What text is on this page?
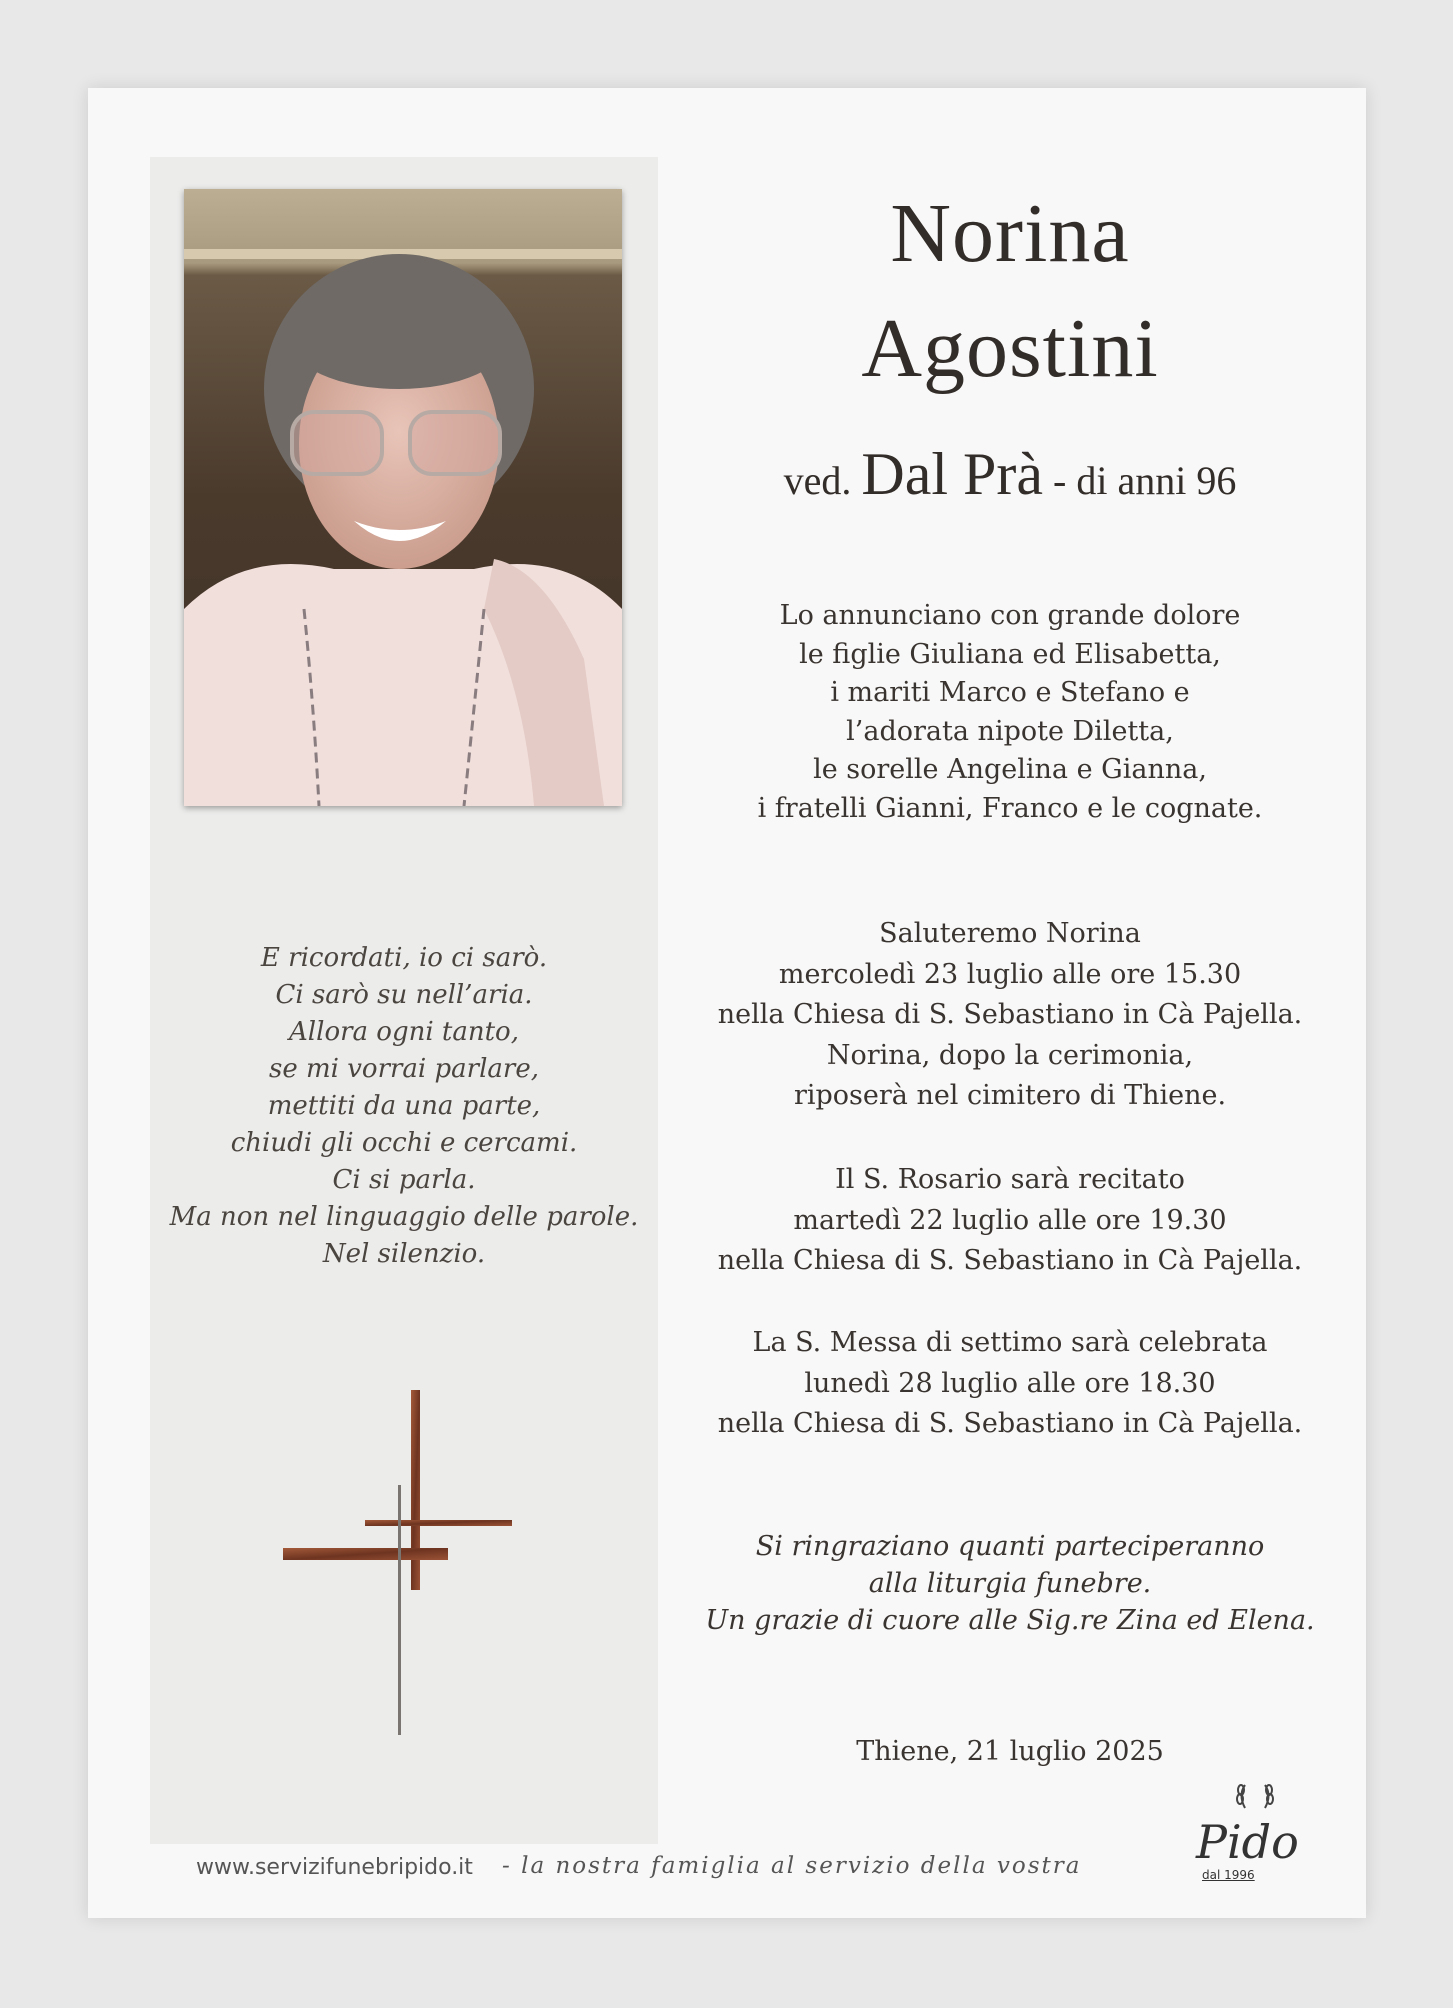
E ricordati, io ci sarò.
Ci sarò su nell’aria.
Allora ogni tanto,
se mi vorrai parlare,
mettiti da una parte,
chiudi gli occhi e cercami.
Ci si parla.
Ma non nel linguaggio delle parole.
Nel silenzio.
Norina
Agostini
ved. Dal Prà - di anni 96
Lo annunciano con grande dolore
le figlie Giuliana ed Elisabetta,
i mariti Marco e Stefano e
l’adorata nipote Diletta,
le sorelle Angelina e Gianna,
i fratelli Gianni, Franco e le cognate.
Saluteremo Norina
mercoledì 23 luglio alle ore 15.30
nella Chiesa di S. Sebastiano in Cà Pajella.
Norina, dopo la cerimonia,
riposerà nel cimitero di Thiene.
Il S. Rosario sarà recitato
martedì 22 luglio alle ore 19.30
nella Chiesa di S. Sebastiano in Cà Pajella.
La S. Messa di settimo sarà celebrata
lunedì 28 luglio alle ore 18.30
nella Chiesa di S. Sebastiano in Cà Pajella.
Si ringraziano quanti parteciperanno
alla liturgia funebre.
Un grazie di cuore alle Sig.re Zina ed Elena.
Thiene, 21 luglio 2025
www.servizifunebripido.it - la nostra famiglia al servizio della vostra Pido
dal 1996
